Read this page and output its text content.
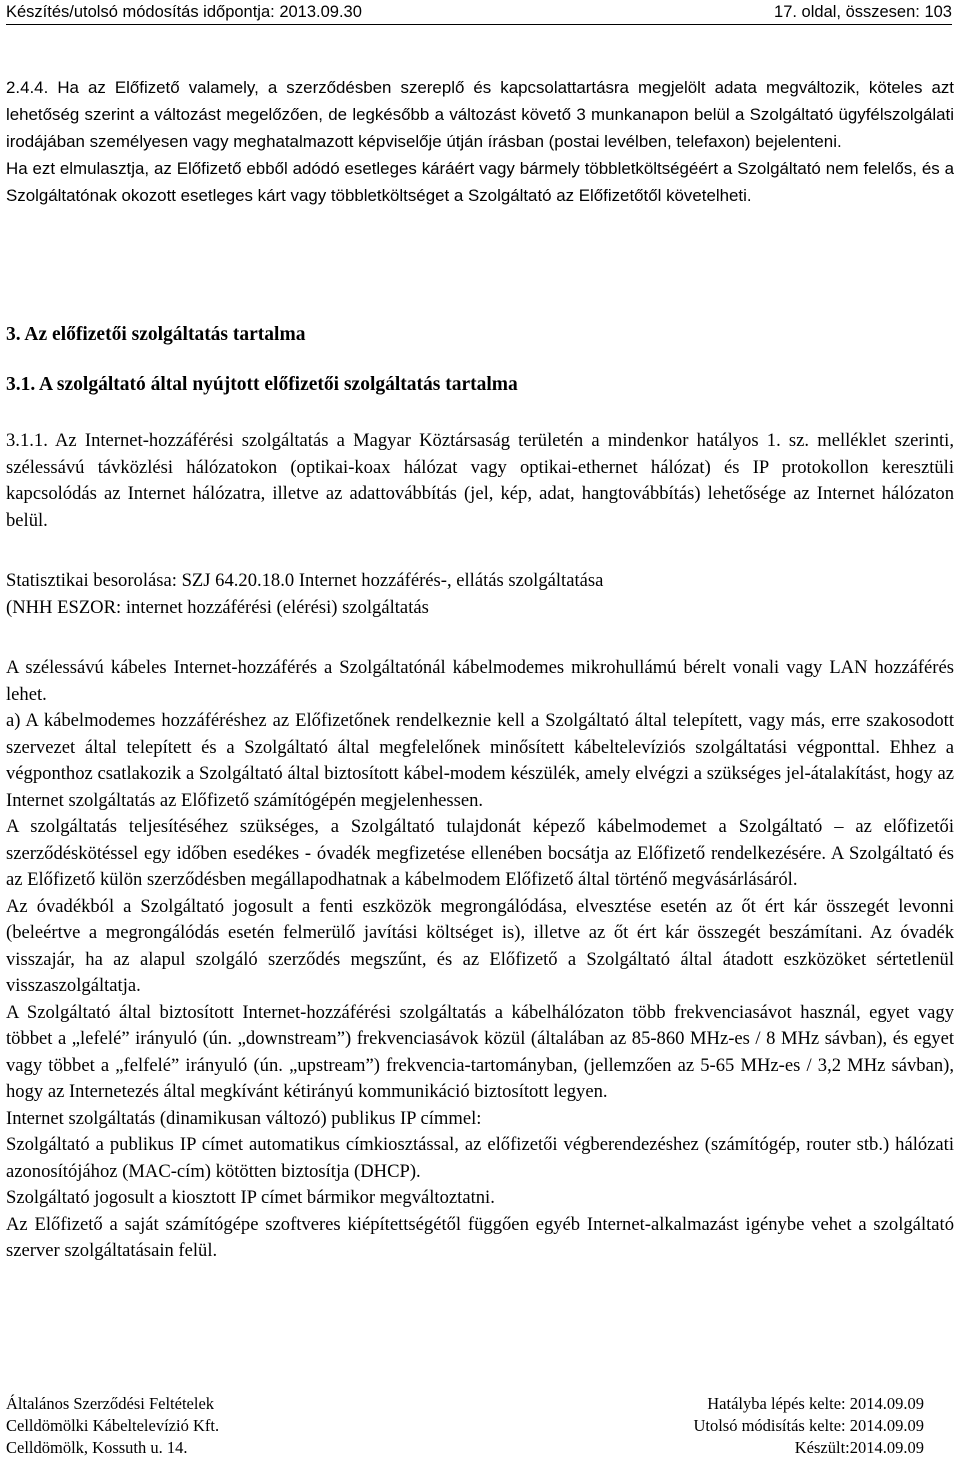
Készítés/utolsó módosítás időpontja: 2013.09.30	17. oldal, összesen: 103

2.4.4. Ha az Előfizető valamely, a szerződésben szereplő és kapcsolattartásra megjelölt adata megváltozik, köteles azt lehetőség szerint a változást megelőzően, de legkésőbb a változást követő 3 munkanapon belül a Szolgáltató ügyfélszolgálati irodájában személyesen vagy meghatalmazott képviselője útján írásban (postai levélben, telefaxon) bejelenteni.

Ha ezt elmulasztja, az Előfizető ebből adódó esetleges káráért vagy bármely többletköltségéért a Szolgáltató nem felelős, és a Szolgáltatónak okozott esetleges kárt vagy többletköltséget a Szolgáltató az Előfizetőtől követelheti.

3. Az előfizetői szolgáltatás tartalma
3.1. A szolgáltató által nyújtott előfizetői szolgáltatás tartalma

3.1.1. Az Internet-hozzáférési szolgáltatás a Magyar Köztársaság területén a mindenkor hatályos 1. sz. melléklet szerinti, szélessávú távközlési hálózatokon (optikai-koax hálózat vagy optikai-ethernet hálózat) és IP protokollon keresztüli kapcsolódás az Internet hálózatra, illetve az adattovábbítás (jel, kép, adat, hangtovábbítás) lehetősége az Internet hálózaton belül.

Statisztikai besorolása: SZJ 64.20.18.0 Internet hozzáférés-, ellátás szolgáltatása

(NHH ESZOR: internet hozzáférési (elérési) szolgáltatás

A szélessávú kábeles Internet-hozzáférés a Szolgáltatónál kábelmodemes mikrohullámú bérelt vonali vagy LAN hozzáférés lehet.

a) A kábelmodemes hozzáféréshez az Előfizetőnek rendelkeznie kell a Szolgáltató által telepített, vagy más, erre szakosodott szervezet által telepített és a Szolgáltató által megfelelőnek minősített kábeltelevíziós szolgáltatási végponttal. Ehhez a végponthoz csatlakozik a Szolgáltató által biztosított kábel-modem készülék, amely elvégzi a szükséges jel-átalakítást, hogy az Internet szolgáltatás az Előfizető számítógépén megjelenhessen.

A szolgáltatás teljesítéséhez szükséges, a Szolgáltató tulajdonát képező kábelmodemet a Szolgáltató – az előfizetői szerződéskötéssel egy időben esedékes - óvadék megfizetése ellenében bocsátja az Előfizető rendelkezésére. A Szolgáltató és az Előfizető külön szerződésben megállapodhatnak a kábelmodem Előfizető által történő megvásárlásáról.

Az óvadékból a Szolgáltató jogosult a fenti eszközök megrongálódása, elvesztése esetén az őt ért kár összegét levonni (beleértve a megrongálódás esetén felmerülő javítási költséget is), illetve az őt ért kár összegét beszámítani. Az óvadék visszajár, ha az alapul szolgáló szerződés megszűnt, és az Előfizető a Szolgáltató által átadott eszközöket sértetlenül visszaszolgáltatja.

A Szolgáltató által biztosított Internet-hozzáférési szolgáltatás a kábelhálózaton több frekvenciasávot használ, egyet vagy többet a „lefelé” irányuló (ún. „downstream”) frekvenciasávok közül (általában az 85-860 MHz-es / 8 MHz sávban), és egyet vagy többet a „felfelé” irányuló (ún. „upstream”) frekvencia-tartományban, (jellemzően az 5-65 MHz-es / 3,2 MHz sávban), hogy az Internetezés által megkívánt kétirányú kommunikáció biztosított legyen.

Internet szolgáltatás (dinamikusan változó) publikus IP címmel:

Szolgáltató a publikus IP címet automatikus címkiosztással, az előfizetői végberendezéshez (számítógép, router stb.) hálózati azonosítójához (MAC-cím) kötötten biztosítja (DHCP).

Szolgáltató jogosult a kiosztott IP címet bármikor megváltoztatni.

Az Előfizető a saját számítógépe szoftveres kiépítettségétől függően egyéb Internet-alkalmazást igénybe vehet a szolgáltató szerver szolgáltatásain felül.

Általános Szerződési Feltételek	Hatályba lépés kelte: 2014.09.09
Celldömölki Kábeltelevízió Kft.	Utolsó módisítás kelte: 2014.09.09
Celldömölk, Kossuth u. 14.	Készült:2014.09.09
